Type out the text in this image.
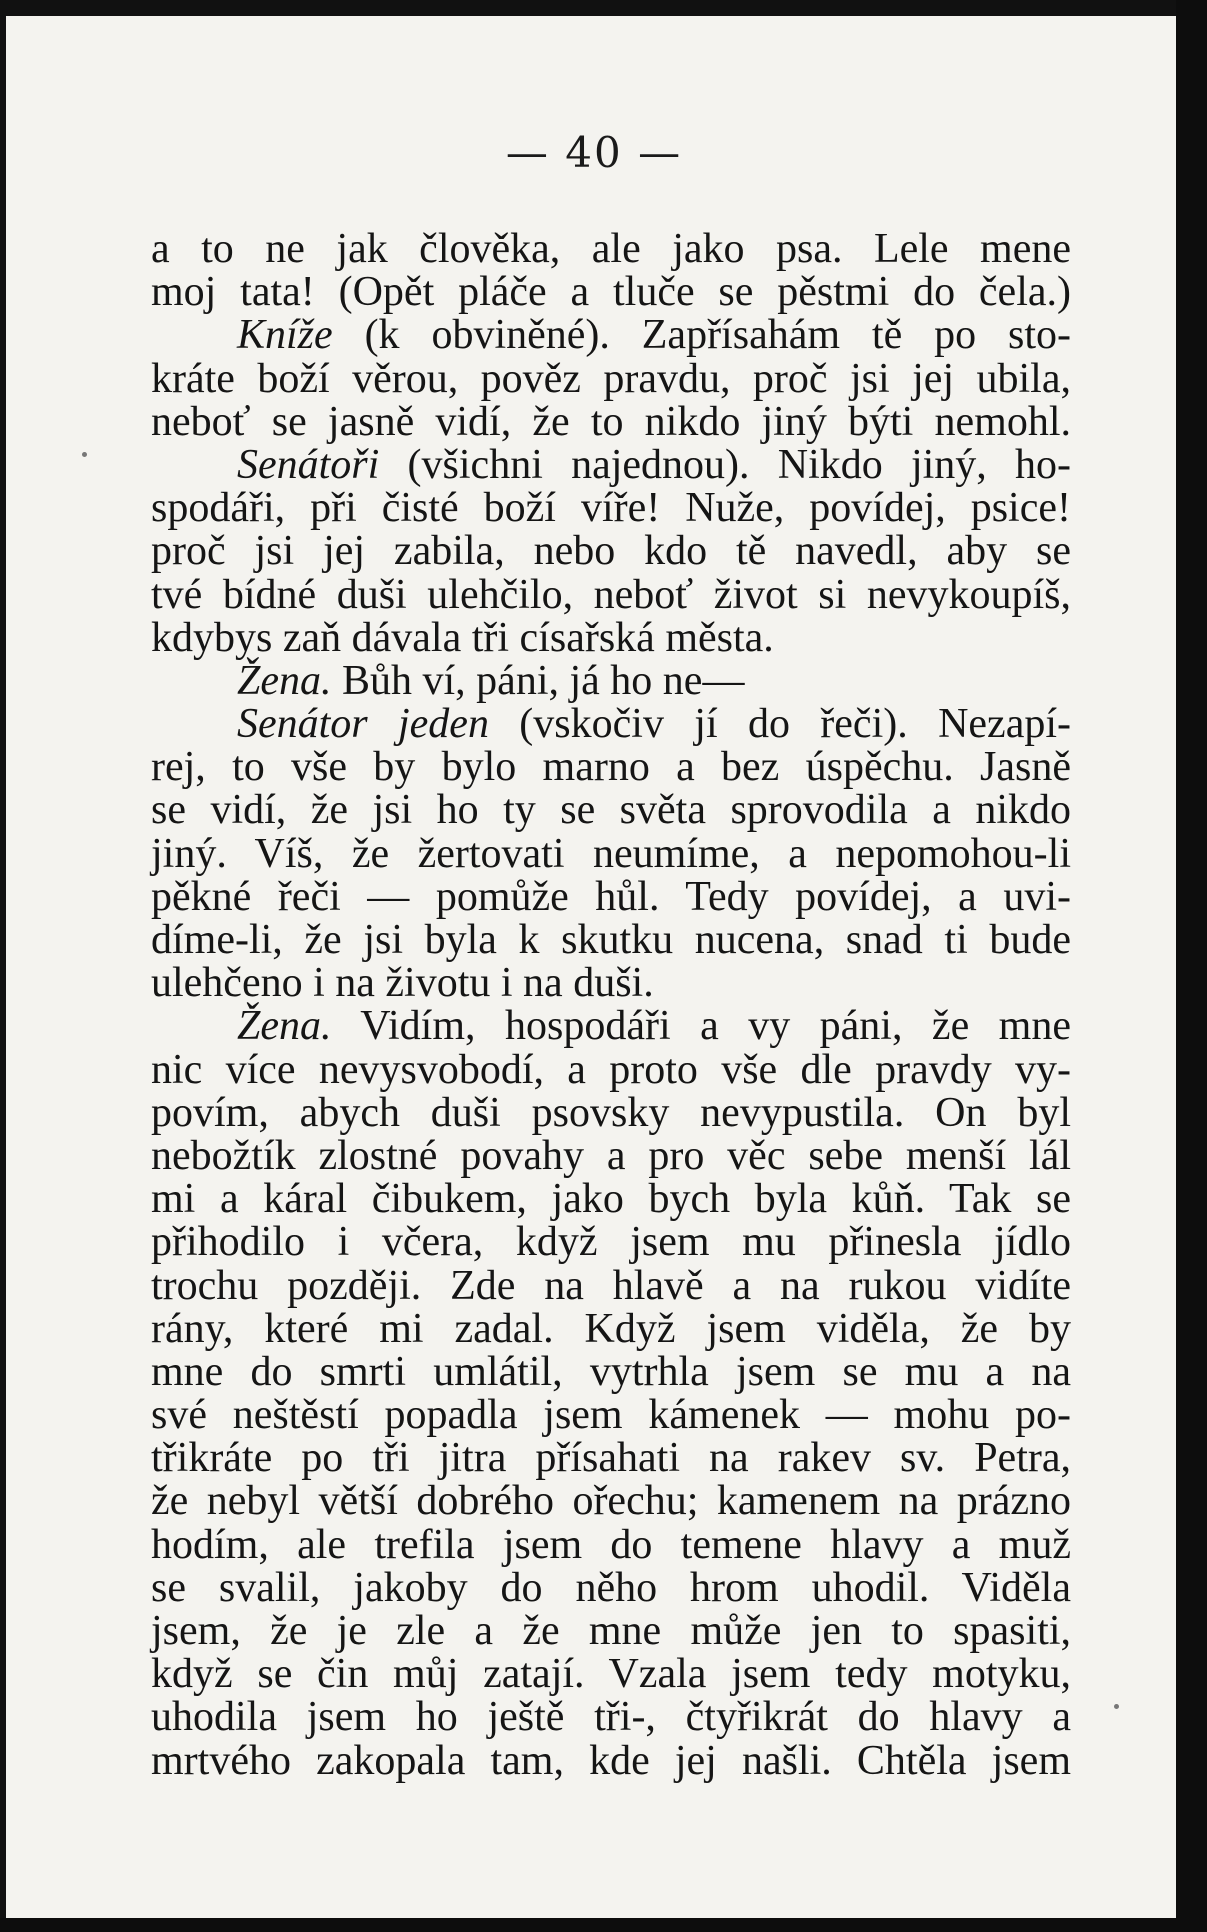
— 40 —
a to ne jak člověka, ale jako psa. Lele mene
moj tata! (Opět pláče a tluče se pěstmi do čela.)
Kníže (k obviněné). Zapřísahám tě po sto-
kráte boží věrou, pověz pravdu, proč jsi jej ubila,
neboť se jasně vidí, že to nikdo jiný býti nemohl.
Senátoři (všichni najednou). Nikdo jiný, ho-
spodáři, při čisté boží víře! Nuže, povídej, psice!
proč jsi jej zabila, nebo kdo tě navedl, aby se
tvé bídné duši ulehčilo, neboť život si nevykoupíš,
kdybys zaň dávala tři císařská města.
Žena. Bůh ví, páni, já ho ne—
Senátor jeden (vskočiv jí do řeči). Nezapí-
rej, to vše by bylo marno a bez úspěchu. Jasně
se vidí, že jsi ho ty se světa sprovodila a nikdo
jiný. Víš, že žertovati neumíme, a nepomohou-li
pěkné řeči — pomůže hůl. Tedy povídej, a uvi-
díme-li, že jsi byla k skutku nucena, snad ti bude
ulehčeno i na životu i na duši.
Žena. Vidím, hospodáři a vy páni, že mne
nic více nevysvobodí, a proto vše dle pravdy vy-
povím, abych duši psovsky nevypustila. On byl
nebožtík zlostné povahy a pro věc sebe menší lál
mi a káral čibukem, jako bych byla kůň. Tak se
přihodilo i včera, když jsem mu přinesla jídlo
trochu později. Zde na hlavě a na rukou vidíte
rány, které mi zadal. Když jsem viděla, že by
mne do smrti umlátil, vytrhla jsem se mu a na
své neštěstí popadla jsem kámenek — mohu po-
třikráte po tři jitra přísahati na rakev sv. Petra,
že nebyl větší dobrého ořechu; kamenem na prázno
hodím, ale trefila jsem do temene hlavy a muž
se svalil, jakoby do něho hrom uhodil. Viděla
jsem, že je zle a že mne může jen to spasiti,
když se čin můj zatají. Vzala jsem tedy motyku,
uhodila jsem ho ještě tři-, čtyřikrát do hlavy a
mrtvého zakopala tam, kde jej našli. Chtěla jsem
